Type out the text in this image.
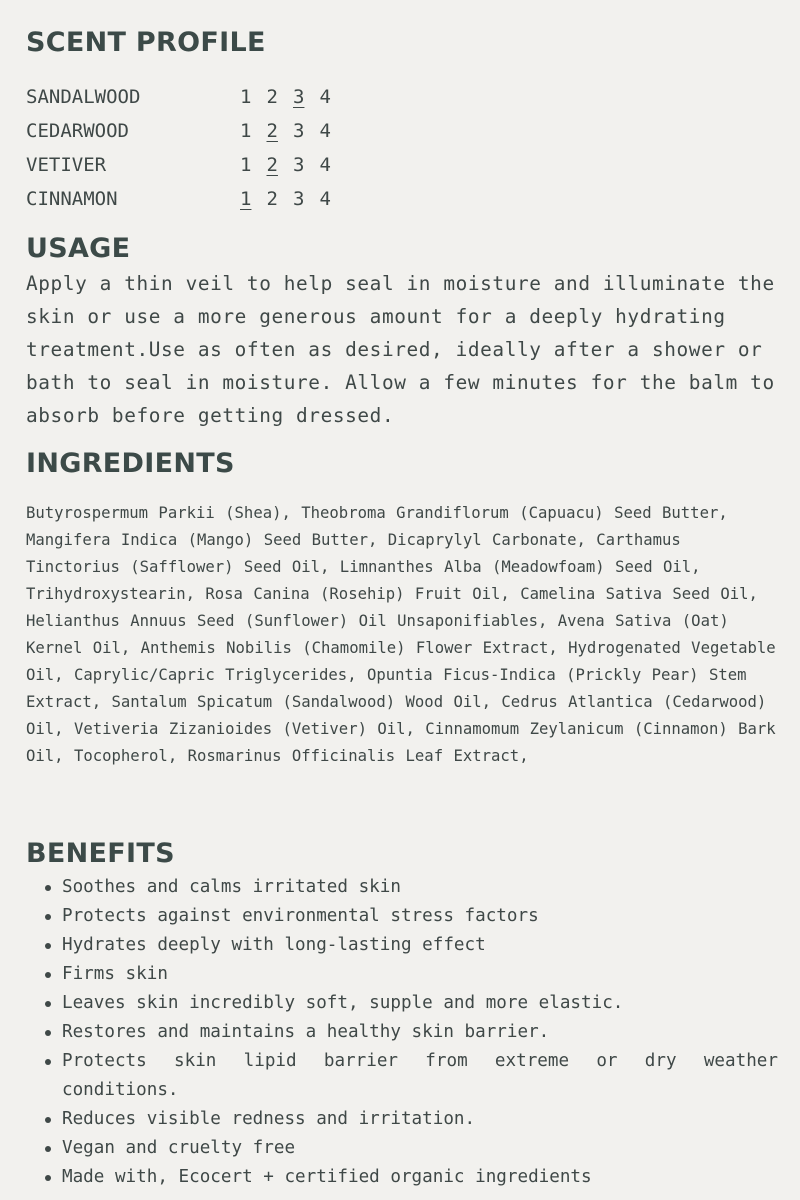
SCENT PROFILE
SANDALWOOD	1 2 3 4
CEDARWOOD	1 2 3 4
VETIVER	1 2 3 4
CINNAMON	1 2 3 4
USAGE

Apply a thin veil to help seal in moisture and illuminate the skin or use a more generous amount for a deeply hydrating treatment.Use as often as desired, ideally after a shower or bath to seal in moisture. Allow a few minutes for the balm to absorb before getting dressed.

INGREDIENTS

Butyrospermum Parkii (Shea), Theobroma Grandiflorum (Capuacu) Seed Butter, Mangifera Indica (Mango) Seed Butter, Dicaprylyl Carbonate, Carthamus Tinctorius (Safflower) Seed Oil, Limnanthes Alba (Meadowfoam) Seed Oil, Trihydroxystearin, Rosa Canina (Rosehip) Fruit Oil, Camelina Sativa Seed Oil, Helianthus Annuus Seed (Sunflower) Oil Unsaponifiables, Avena Sativa (Oat) Kernel Oil, Anthemis Nobilis (Chamomile) Flower Extract, Hydrogenated Vegetable Oil, Caprylic/Capric Triglycerides, Opuntia Ficus-Indica (Prickly Pear) Stem Extract, Santalum Spicatum (Sandalwood) Wood Oil, Cedrus Atlantica (Cedarwood) Oil, Vetiveria Zizanioides (Vetiver) Oil, Cinnamomum Zeylanicum (Cinnamon) Bark Oil, Tocopherol, Rosmarinus Officinalis Leaf Extract,

BENEFITS
Soothes and calms irritated skin
Protects against environmental stress factors
Hydrates deeply with long-lasting effect
Firms skin
Leaves skin incredibly soft, supple and more elastic.
Restores and maintains a healthy skin barrier.
Protects skin lipid barrier from extreme or dry weather conditions.
Reduces visible redness and irritation.
Vegan and cruelty free
Made with, Ecocert + certified organic ingredients
